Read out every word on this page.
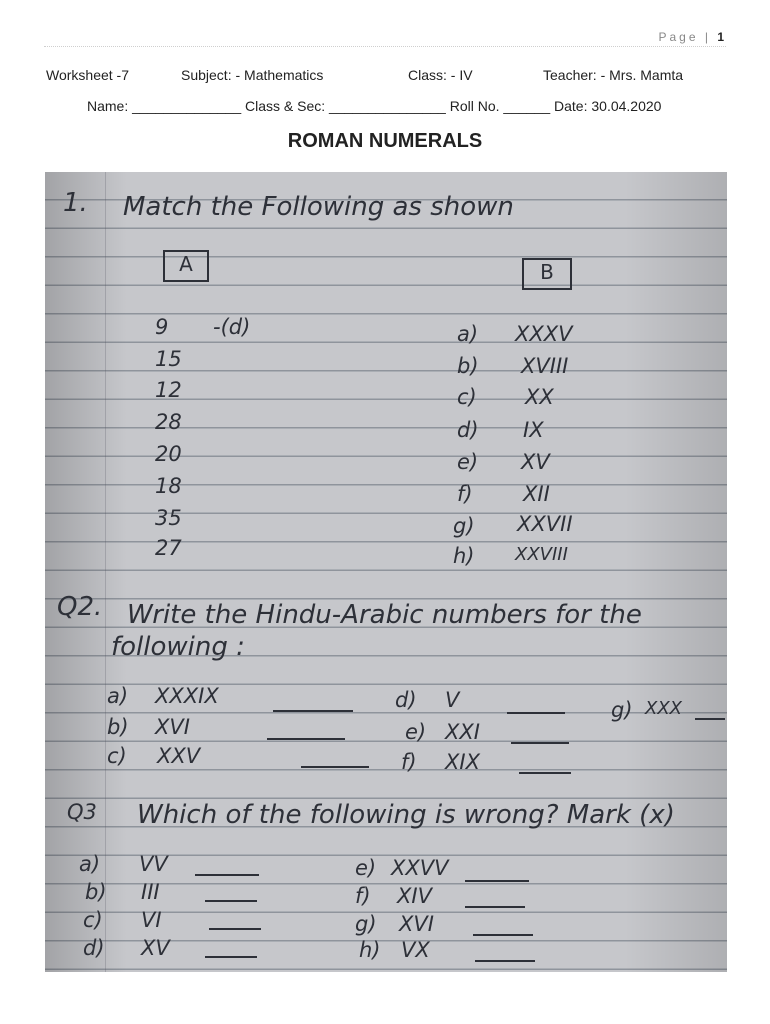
Page | 1
Worksheet -7	Subject: - Mathematics	Class: - IV	Teacher: - Mrs. Mamta
Name: ______________ Class & Sec: _______________ Roll No. ______ Date: 30.04.2020
ROMAN NUMERALS
1. Match the Following as shown
A	B
9 -(d)
15
12
28
20
18
35
27
a) XXXV
b) XVIII
c) XX
d) IX
e) XV
f) XII
g) XXVII
h) XXVIII
Q2. Write the Hindu-Arabic numbers for the
following :
a) XXXIX
b) XVI
c) XXV
d) V
e) XXI
f) XIX
g) XXX
Q3 Which of the following is wrong? Mark (x)
a) VV
b) III
c) VI
d) XV
e) XXVV
f) XIV
g) XVI
h) VX
